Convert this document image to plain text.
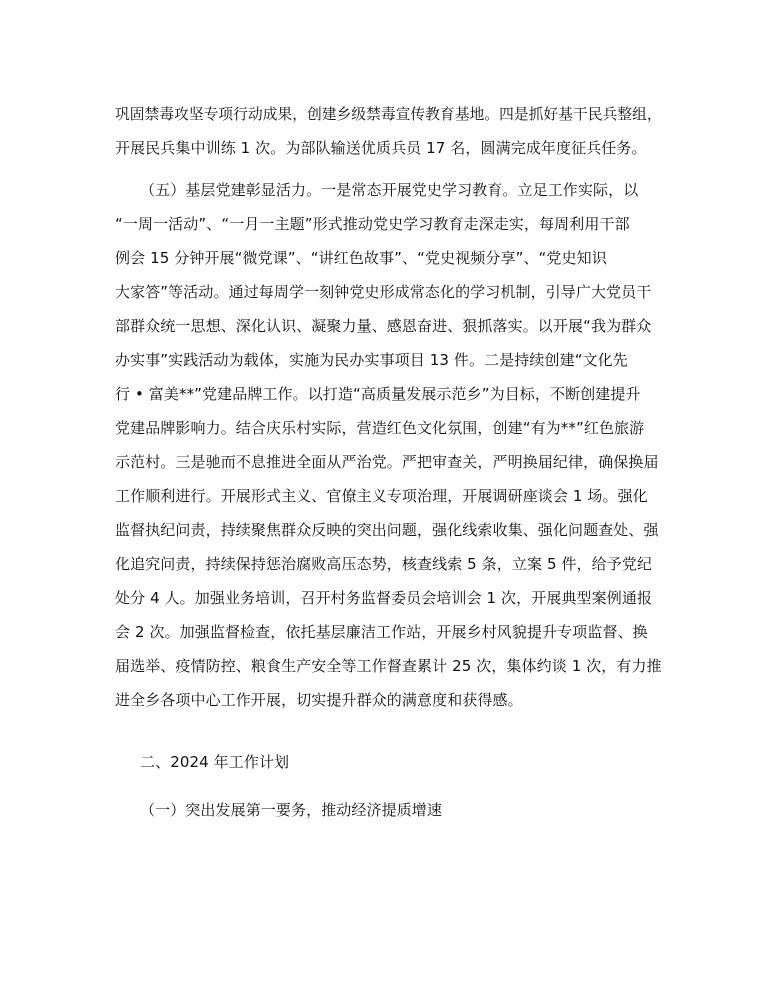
巩固禁毒攻坚专项行动成果，创建乡级禁毒宣传教育基地。四是抓好基干民兵整组，
开展民兵集中训练 1 次。为部队输送优质兵员 17 名，圆满完成年度征兵任务。
（五）基层党建彰显活力。一是常态开展党史学习教育。立足工作实际，以
“一周一活动”、“一月一主题”形式推动党史学习教育走深走实，每周利用干部
例会 15 分钟开展“微党课”、“讲红色故事”、“党史视频分享”、“党史知识
大家答”等活动。通过每周学一刻钟党史形成常态化的学习机制，引导广大党员干
部群众统一思想、深化认识、凝聚力量、感恩奋进、狠抓落实。以开展“我为群众
办实事”实践活动为载体，实施为民办实事项目 13 件。二是持续创建“文化先
行 • 富美**”党建品牌工作。以打造“高质量发展示范乡”为目标，不断创建提升
党建品牌影响力。结合庆乐村实际，营造红色文化氛围，创建“有为**”红色旅游
示范村。三是驰而不息推进全面从严治党。严把审查关，严明换届纪律，确保换届
工作顺利进行。开展形式主义、官僚主义专项治理，开展调研座谈会 1 场。强化
监督执纪问责，持续聚焦群众反映的突出问题，强化线索收集、强化问题查处、强
化追究问责，持续保持惩治腐败高压态势，核查线索 5 条，立案 5 件，给予党纪
处分 4 人。加强业务培训，召开村务监督委员会培训会 1 次，开展典型案例通报
会 2 次。加强监督检查，依托基层廉洁工作站，开展乡村风貌提升专项监督、换
届选举、疫情防控、粮食生产安全等工作督查累计 25 次，集体约谈 1 次，有力推
进全乡各项中心工作开展，切实提升群众的满意度和获得感。
二、2024 年工作计划
（一）突出发展第一要务，推动经济提质增速
